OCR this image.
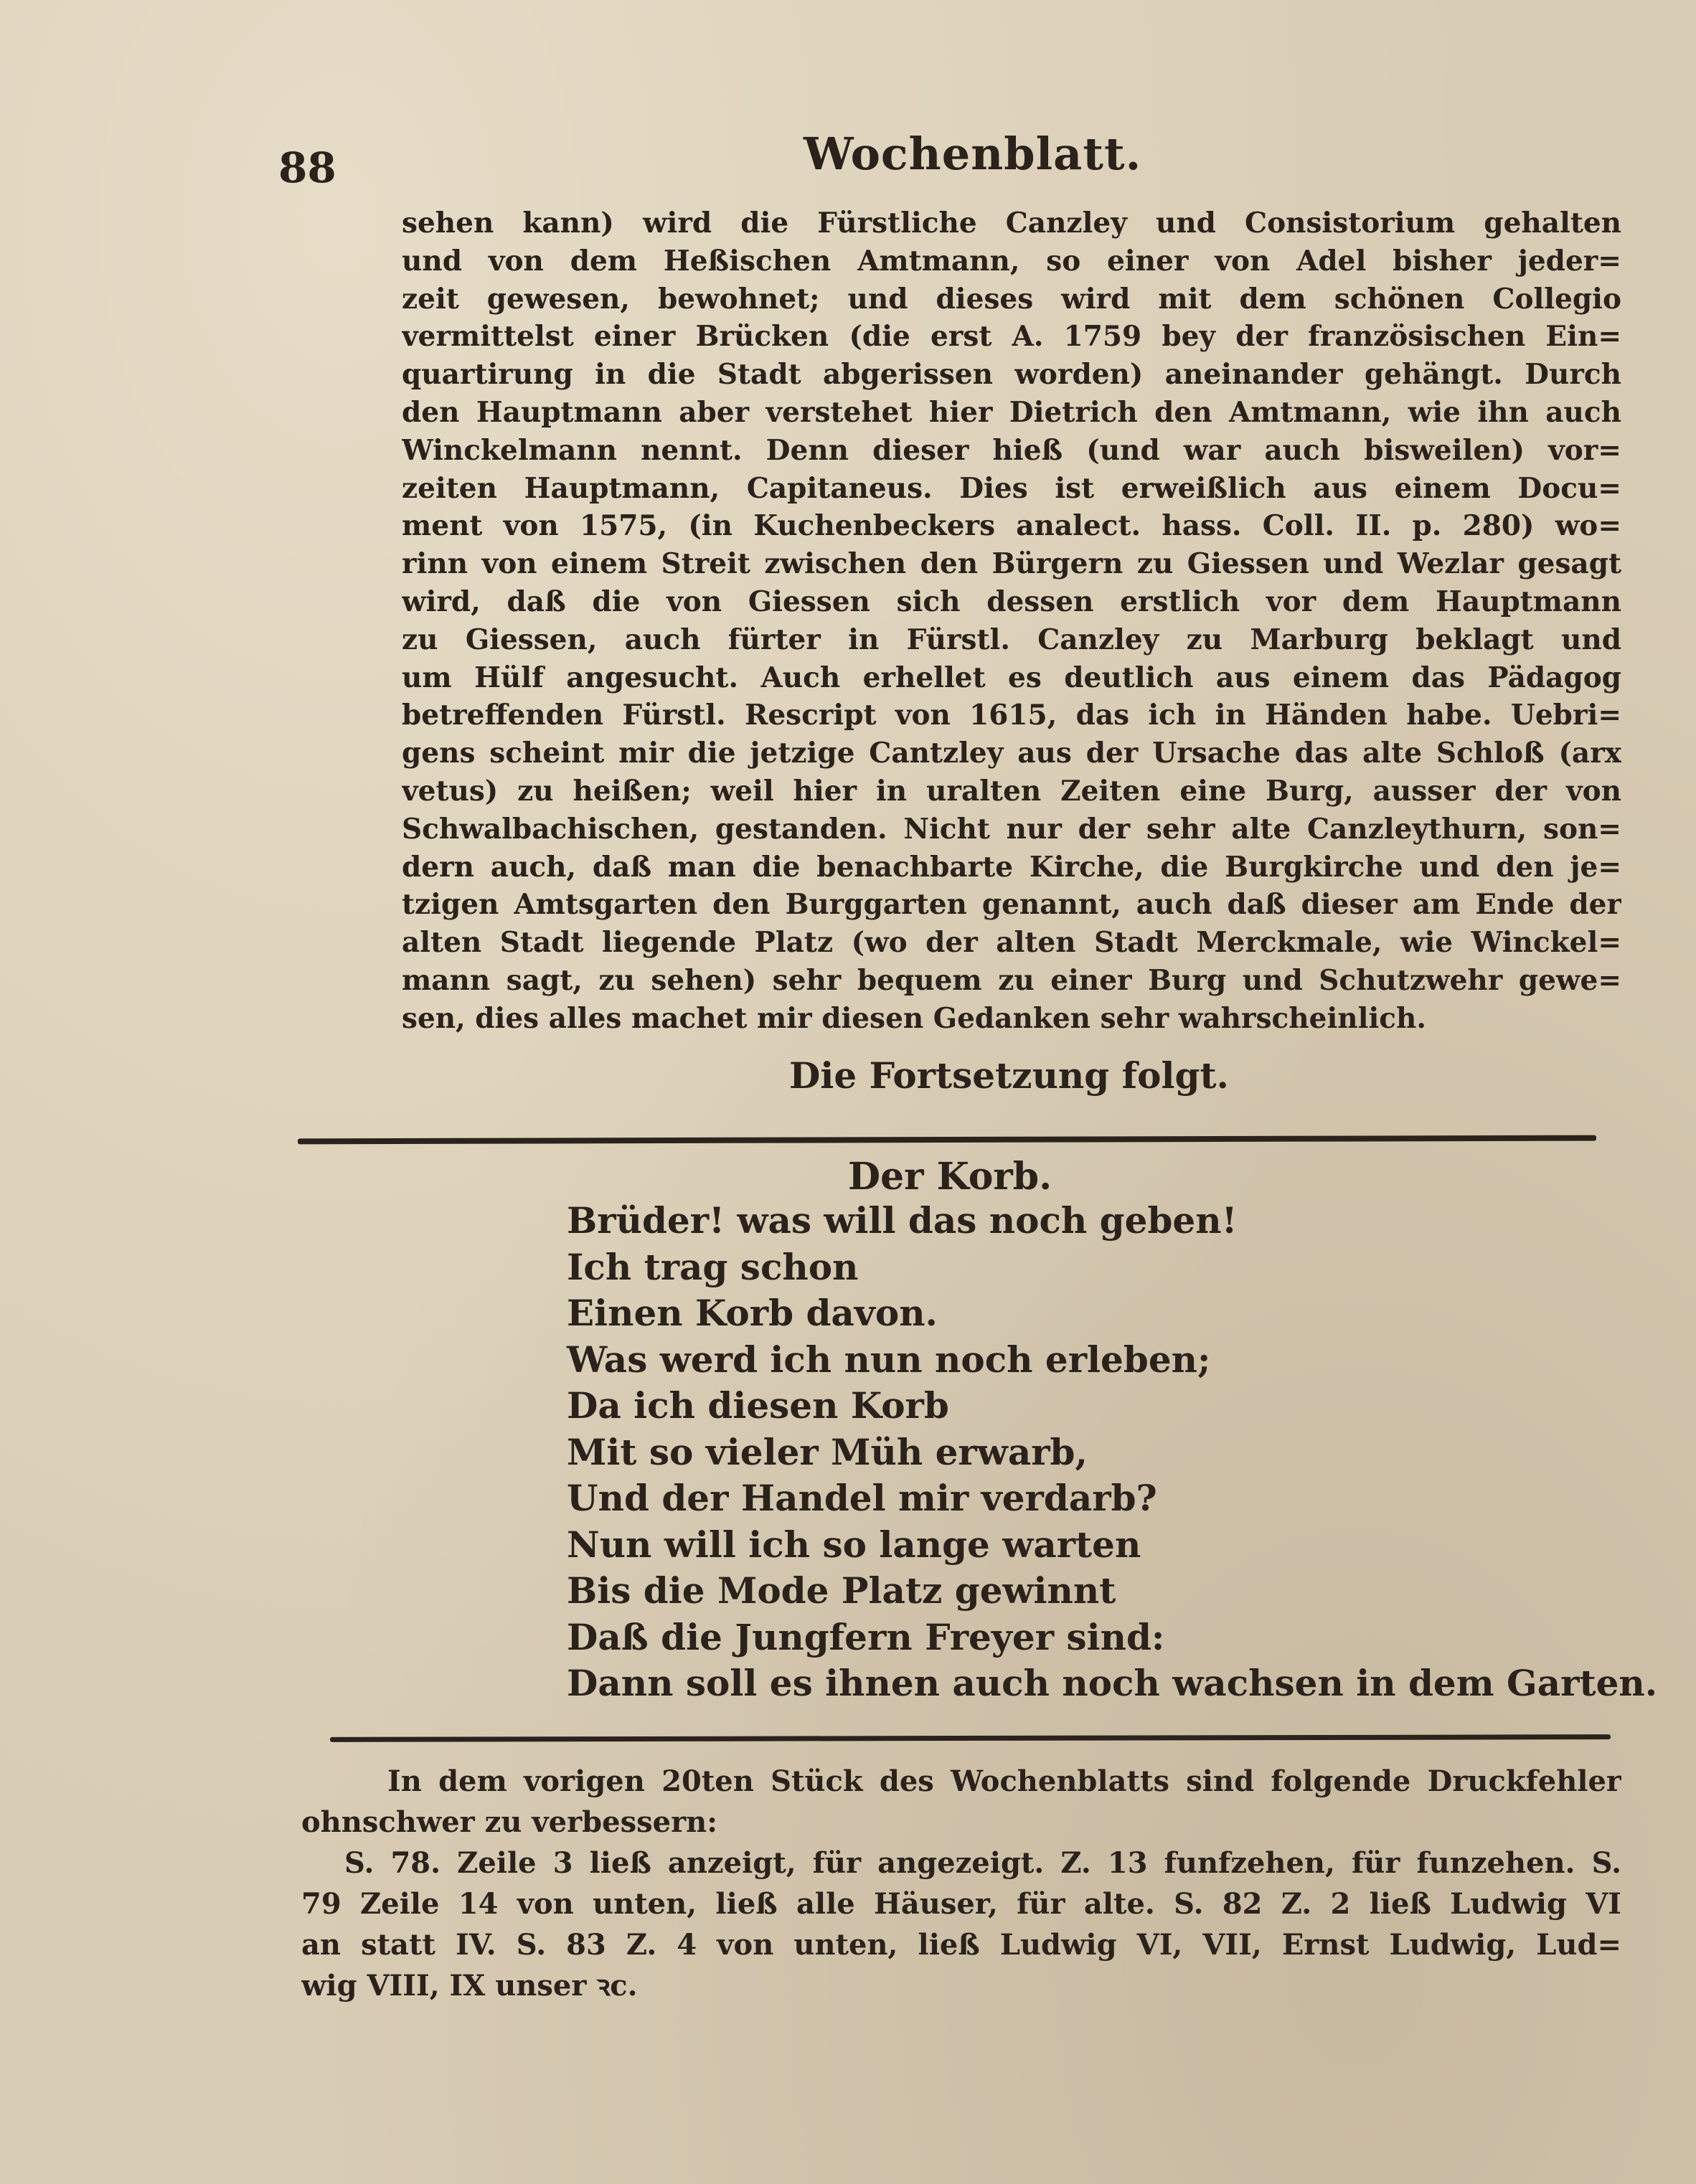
88	Wochenblatt.
sehen kann) wird die Fürstliche Canzley und Consistorium gehalten
und von dem Heßischen Amtmann, so einer von Adel bisher jeder=
zeit gewesen, bewohnet; und dieses wird mit dem schönen Collegio
vermittelst einer Brücken (die erst A. 1759 bey der französischen Ein=
quartirung in die Stadt abgerissen worden) aneinander gehängt. Durch
den Hauptmann aber verstehet hier Dietrich den Amtmann, wie ihn auch
Winckelmann nennt. Denn dieser hieß (und war auch bisweilen) vor=
zeiten Hauptmann, Capitaneus. Dies ist erweißlich aus einem Docu=
ment von 1575, (in Kuchenbeckers analect. hass. Coll. II. p. 280) wo=
rinn von einem Streit zwischen den Bürgern zu Giessen und Wezlar gesagt
wird, daß die von Giessen sich dessen erstlich vor dem Hauptmann
zu Giessen, auch fürter in Fürstl. Canzley zu Marburg beklagt und
um Hülf angesucht. Auch erhellet es deutlich aus einem das Pädagog
betreffenden Fürstl. Rescript von 1615, das ich in Händen habe. Uebri=
gens scheint mir die jetzige Cantzley aus der Ursache das alte Schloß (arx
vetus) zu heißen; weil hier in uralten Zeiten eine Burg, ausser der von
Schwalbachischen, gestanden. Nicht nur der sehr alte Canzleythurn, son=
dern auch, daß man die benachbarte Kirche, die Burgkirche und den je=
tzigen Amtsgarten den Burggarten genannt, auch daß dieser am Ende der
alten Stadt liegende Platz (wo der alten Stadt Merckmale, wie Winckel=
mann sagt, zu sehen) sehr bequem zu einer Burg und Schutzwehr gewe=
sen, dies alles machet mir diesen Gedanken sehr wahrscheinlich.
Die Fortsetzung folgt.
Der Korb.
Brüder! was will das noch geben!
Ich trag schon
Einen Korb davon.
Was werd ich nun noch erleben;
Da ich diesen Korb
Mit so vieler Müh erwarb,
Und der Handel mir verdarb?
Nun will ich so lange warten
Bis die Mode Platz gewinnt
Daß die Jungfern Freyer sind:
Dann soll es ihnen auch noch wachsen in dem Garten.
In dem vorigen 20ten Stück des Wochenblatts sind folgende Druckfehler
ohnschwer zu verbessern:
S. 78. Zeile 3 ließ anzeigt, für angezeigt. Z. 13 funfzehen, für funzehen. S.
79 Zeile 14 von unten, ließ alle Häuser, für alte. S. 82 Z. 2 ließ Ludwig VI
an statt IV. S. 83 Z. 4 von unten, ließ Ludwig VI, VII, Ernst Ludwig, Lud=
wig VIII, IX unser ꝛc.
